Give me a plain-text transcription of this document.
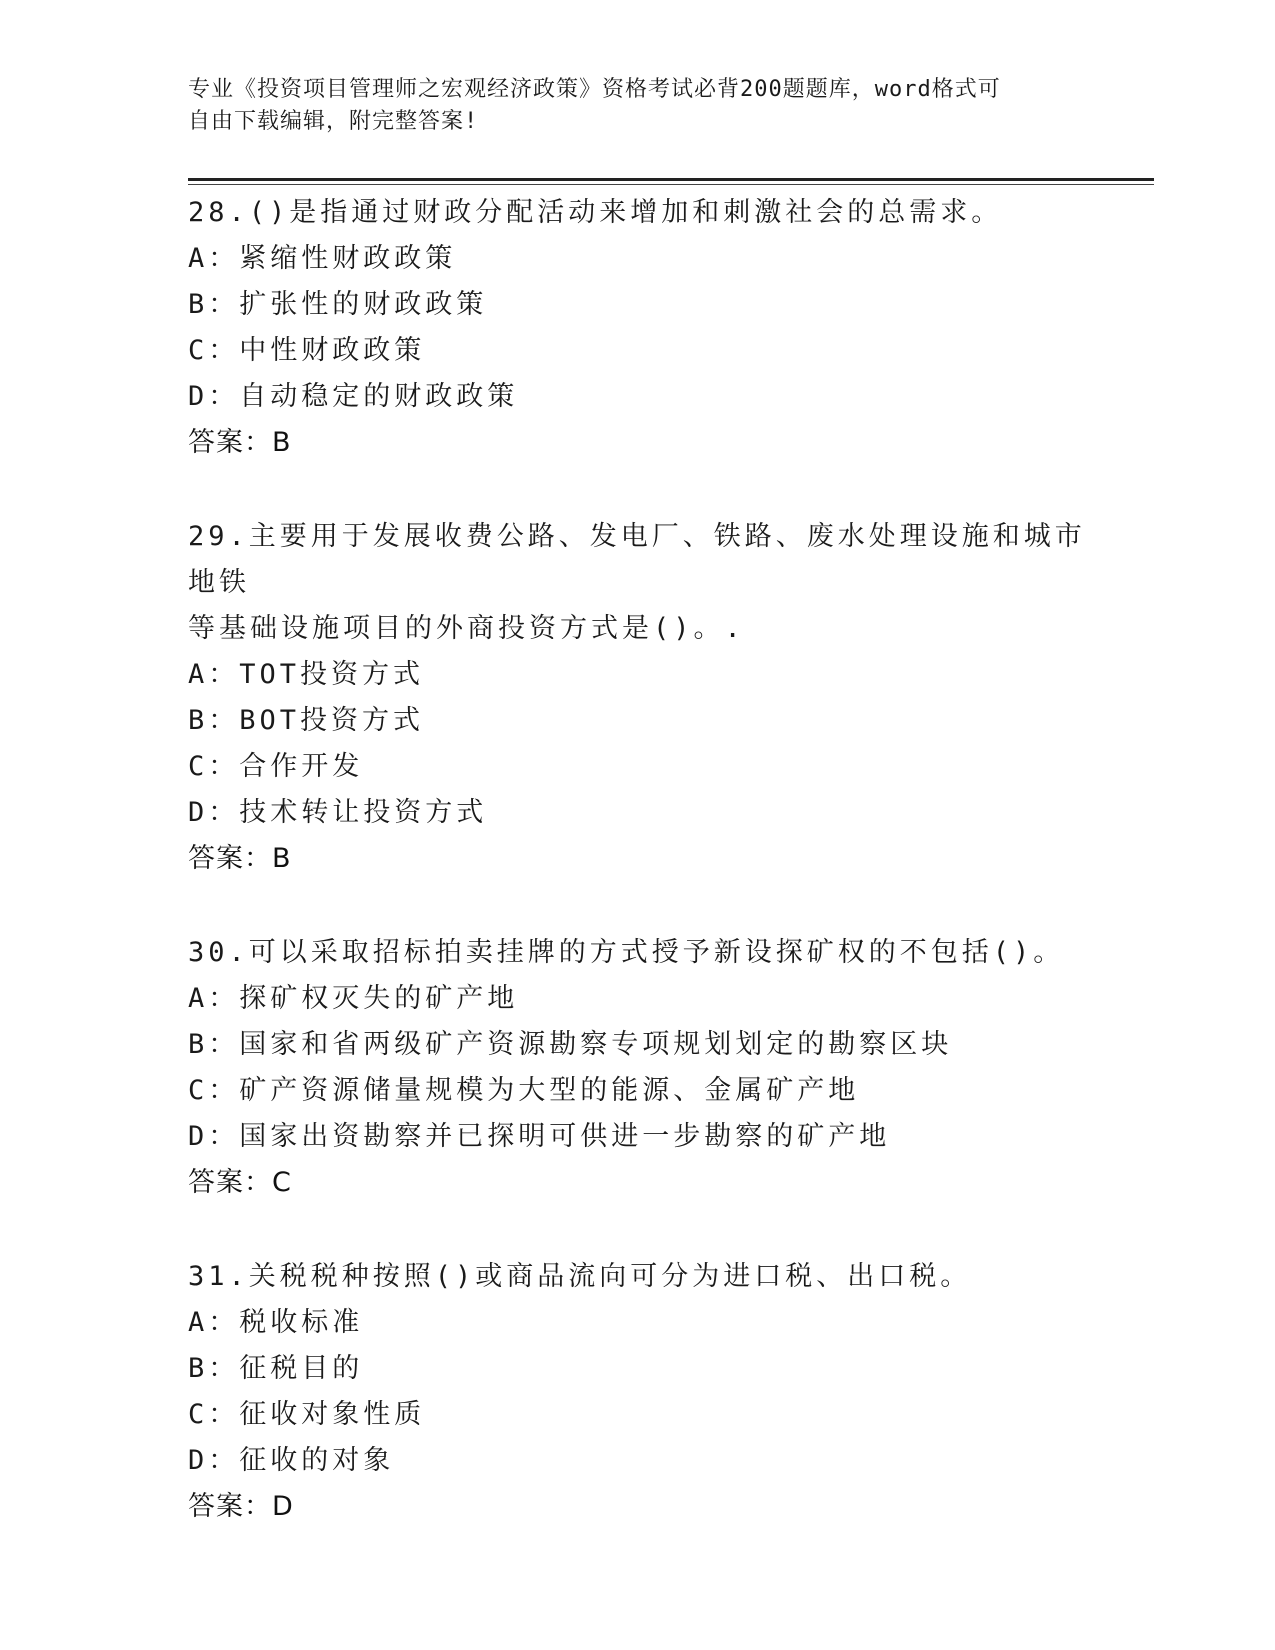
专业《投资项目管理师之宏观经济政策》资格考试必背200题题库，word格式可
自由下载编辑，附完整答案!
28.()是指通过财政分配活动来增加和刺激社会的总需求。
A：紧缩性财政政策
B：扩张性的财政政策
C：中性财政政策
D：自动稳定的财政政策
答案：B
29.主要用于发展收费公路、发电厂、铁路、废水处理设施和城市地铁
等基础设施项目的外商投资方式是()。.
A：TOT投资方式
B：BOT投资方式
C：合作开发
D：技术转让投资方式
答案：B
30.可以采取招标拍卖挂牌的方式授予新设探矿权的不包括()。
A：探矿权灭失的矿产地
B：国家和省两级矿产资源勘察专项规划划定的勘察区块
C：矿产资源储量规模为大型的能源、金属矿产地
D：国家出资勘察并已探明可供进一步勘察的矿产地
答案：C
31.关税税种按照()或商品流向可分为进口税、出口税。
A：税收标准
B：征税目的
C：征收对象性质
D：征收的对象
答案：D
